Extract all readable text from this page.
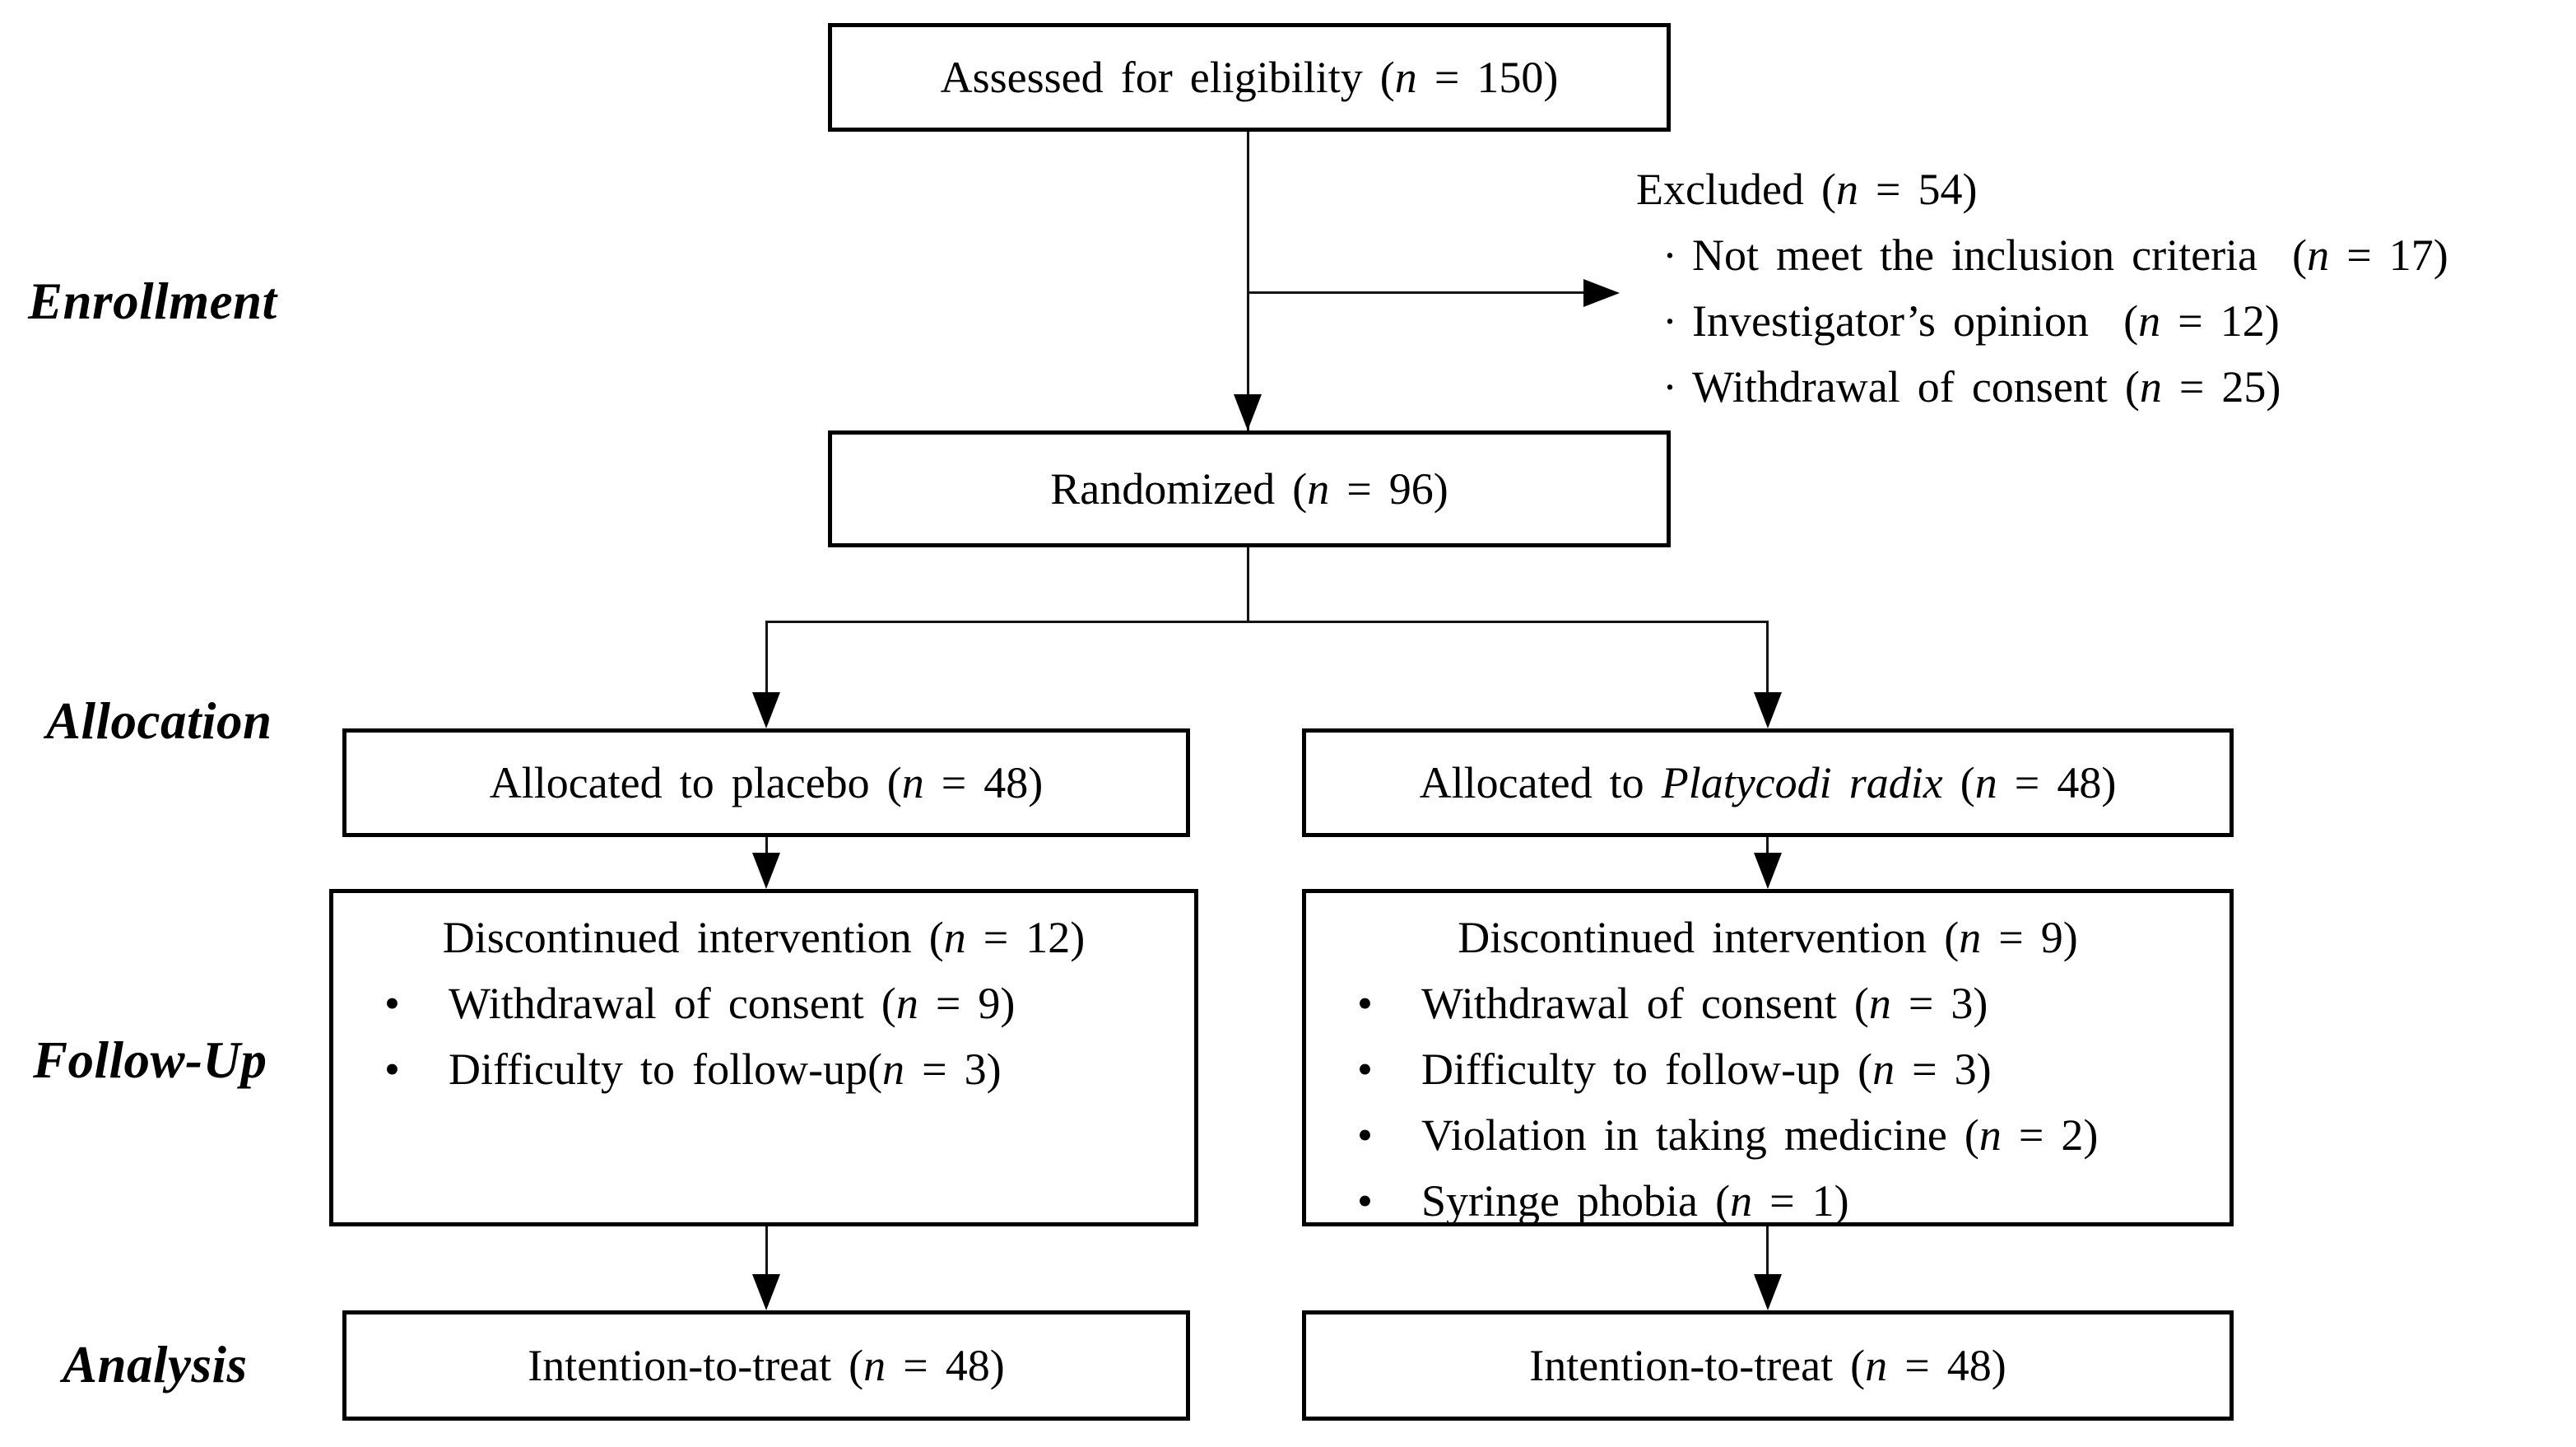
Enrollment
Allocation
Follow-Up
Analysis
Assessed for eligibility (n = 150)
Randomized (n = 96)
Allocated to placebo (n = 48)	Allocated to Platycodi radix (n = 48)
Discontinued intervention (n = 12)
• Withdrawal of consent (n = 9)
• Difficulty to follow-up(n = 3)
Discontinued intervention (n = 9)
• Withdrawal of consent (n = 3)
• Difficulty to follow-up (n = 3)
• Violation in taking medicine (n = 2)
• Syringe phobia (n = 1)
Intention-to-treat (n = 48)	Intention-to-treat (n = 48)
Excluded (n = 54)
· Not meet the inclusion criteria  (n = 17)
· Investigator’s opinion  (n = 12)
· Withdrawal of consent (n = 25)
